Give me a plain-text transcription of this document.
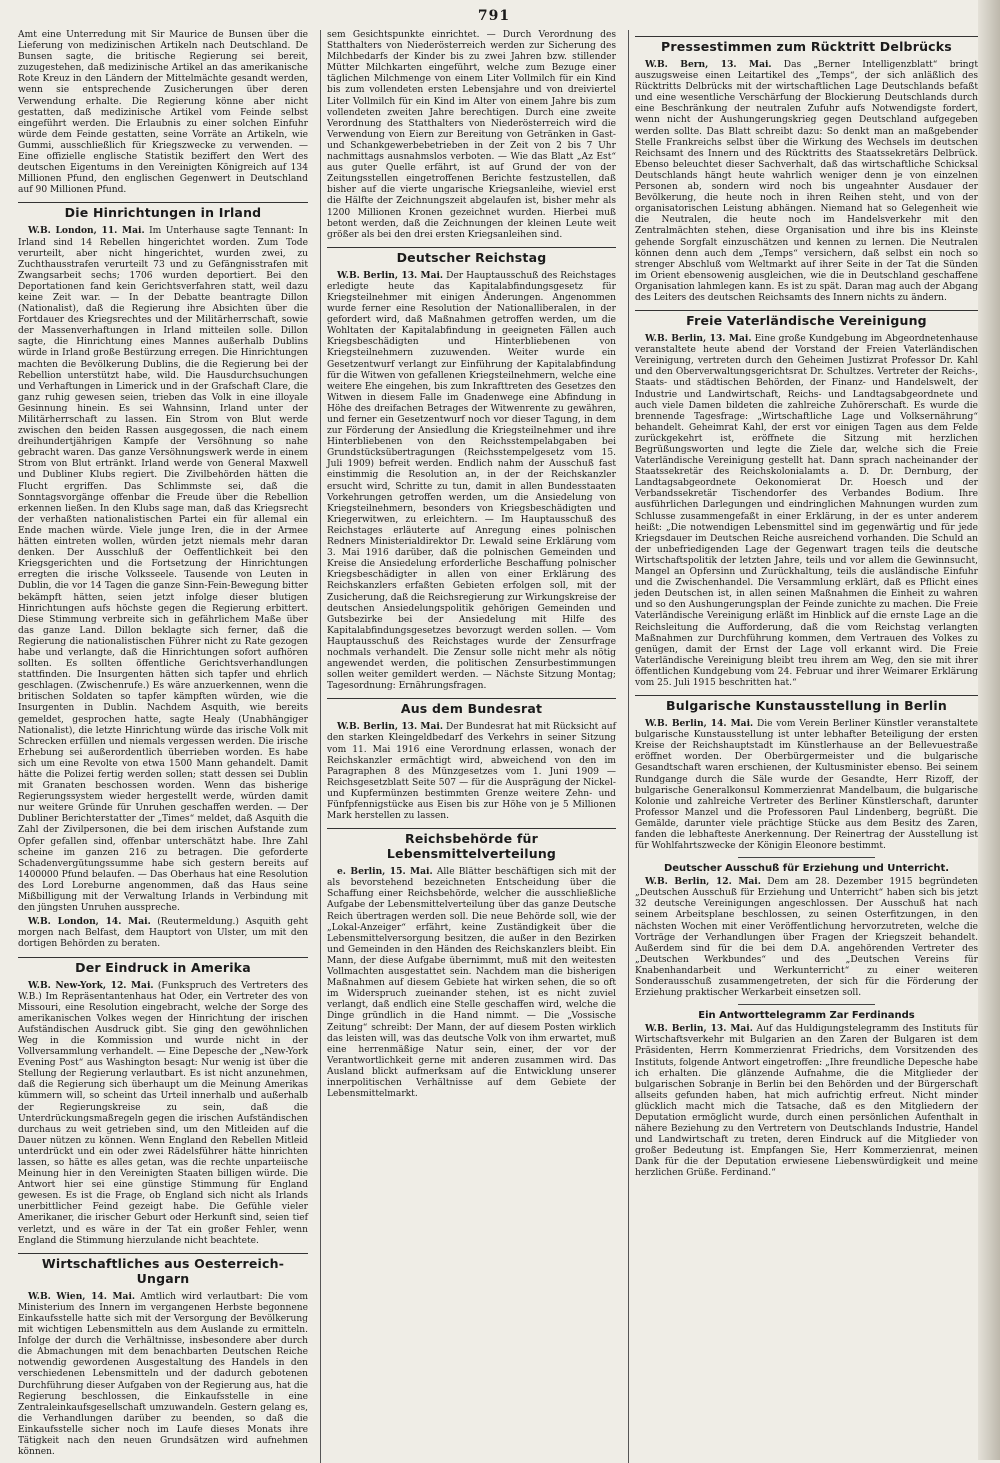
791

Amt eine Unterredung mit Sir Maurice de Bunsen über die Lieferung von medizinischen Artikeln nach Deutschland. De Bunsen sagte, die britische Regierung sei bereit, zuzugestehen, daß medizinische Artikel an das amerikanische Rote Kreuz in den Ländern der Mittelmächte gesandt werden, wenn sie entsprechende Zusicherungen über deren Verwendung erhalte. Die Regierung könne aber nicht gestatten, daß medizinische Artikel vom Feinde selbst eingeführt werden. Die Erlaubnis zu einer solchen Einfuhr würde dem Feinde gestatten, seine Vorräte an Artikeln, wie Gummi, ausschließlich für Kriegszwecke zu verwenden. — Eine offizielle englische Statistik beziffert den Wert des deutschen Eigentums in den Vereinigten Königreich auf 134 Millionen Pfund, den englischen Gegenwert in Deutschland auf 90 Millionen Pfund.

Die Hinrichtungen in Irland

W.B. London, 11. Mai. Im Unterhause sagte Tennant: In Irland sind 14 Rebellen hingerichtet worden. Zum Tode verurteilt, aber nicht hingerichtet, wurden zwei, zu Zuchthausstrafen verurteilt 73 und zu Gefängnisstrafen mit Zwangsarbeit sechs; 1706 wurden deportiert. Bei den Deportationen fand kein Gerichtsverfahren statt, weil dazu keine Zeit war. — In der Debatte beantragte Dillon (Nationalist), daß die Regierung ihre Absichten über die Fortdauer des Kriegsrechtes und der Militärherrschaft, sowie der Massenverhaftungen in Irland mitteilen solle. Dillon sagte, die Hinrichtung eines Mannes außerhalb Dublins würde in Irland große Bestürzung erregen. Die Hinrichtungen machten die Bevölkerung Dublins, die die Regierung bei der Rebellion unterstützt habe, wild. Die Hausdurchsuchungen und Verhaftungen in Limerick und in der Grafschaft Clare, die ganz ruhig gewesen seien, trieben das Volk in eine illoyale Gesinnung hinein. Es sei Wahnsinn, Irland unter der Militärherrschaft zu lassen. Ein Strom von Blut werde zwischen den beiden Rassen ausgegossen, die nach einem dreihundertjährigen Kampfe der Versöhnung so nahe gebracht waren. Das ganze Versöhnungswerk werde in einem Strom von Blut ertränkt. Irland werde von General Maxwell und Dubliner Klubs regiert. Die Zivilbehörden hätten die Flucht ergriffen. Das Schlimmste sei, daß die Sonntagsvorgänge offenbar die Freude über die Rebellion erkennen ließen. In den Klubs sage man, daß das Kriegsrecht der verhaßten nationalistischen Partei ein für allemal ein Ende machen würde. Viele junge Iren, die in der Armee hätten eintreten wollen, würden jetzt niemals mehr daran denken. Der Ausschluß der Oeffentlichkeit bei den Kriegsgerichten und die Fortsetzung der Hinrichtungen erregten die irische Volksseele. Tausende von Leuten in Dublin, die vor 14 Tagen die ganze Sinn-Fein-Bewegung bitter bekämpft hätten, seien jetzt infolge dieser blutigen Hinrichtungen aufs höchste gegen die Regierung erbittert. Diese Stimmung verbreite sich in gefährlichem Maße über das ganze Land. Dillon beklagte sich ferner, daß die Regierung die nationalistischen Führer nicht zu Rate gezogen habe und verlangte, daß die Hinrichtungen sofort aufhören sollten. Es sollten öffentliche Gerichtsverhandlungen stattfinden. Die Insurgenten hätten sich tapfer und ehrlich geschlagen. (Zwischenrufe.) Es wäre anzuerkennen, wenn die britischen Soldaten so tapfer kämpften würden, wie die Insurgenten in Dublin. Nachdem Asquith, wie bereits gemeldet, gesprochen hatte, sagte Healy (Unabhängiger Nationalist), die letzte Hinrichtung würde das irische Volk mit Schrecken erfüllen und niemals vergessen werden. Die irische Erhebung sei außerordentlich überrieben worden. Es habe sich um eine Revolte von etwa 1500 Mann gehandelt. Damit hätte die Polizei fertig werden sollen; statt dessen sei Dublin mit Granaten beschossen worden. Wenn das bisherige Regierungssystem wieder hergestellt werde, würden damit nur weitere Gründe für Unruhen geschaffen werden. — Der Dubliner Berichterstatter der „Times“ meldet, daß Asquith die Zahl der Zivilpersonen, die bei dem irischen Aufstande zum Opfer gefallen sind, offenbar unterschätzt habe. Ihre Zahl scheine im ganzen 216 zu betragen. Die geforderte Schadenvergütungssumme habe sich gestern bereits auf 1400000 Pfund belaufen. — Das Oberhaus hat eine Resolution des Lord Loreburne angenommen, daß das Haus seine Mißbilligung mit der Verwaltung Irlands in Verbindung mit den jüngsten Unruhen ausspreche.

W.B. London, 14. Mai. (Reutermeldung.) Asquith geht morgen nach Belfast, dem Hauptort von Ulster, um mit den dortigen Behörden zu beraten.

Der Eindruck in Amerika

W.B. New-York, 12. Mai. (Funkspruch des Vertreters des W.B.) Im Repräsentantenhaus hat Oder, ein Vertreter des von Missouri, eine Resolution eingebracht, welche der Sorge des amerikanischen Volkes wegen der Hinrichtung der irischen Aufständischen Ausdruck gibt. Sie ging den gewöhnlichen Weg in die Kommission und wurde nicht in der Vollversammlung verhandelt. — Eine Depesche der „New-York Evening Post“ aus Washington besagt: Nur wenig ist über die Stellung der Regierung verlautbart. Es ist nicht anzunehmen, daß die Regierung sich überhaupt um die Meinung Amerikas kümmern will, so scheint das Urteil innerhalb und außerhalb der Regierungskreise zu sein, daß die Unterdrückungsmaßregeln gegen die irischen Aufständischen durchaus zu weit getrieben sind, um den Mitleiden auf die Dauer nützen zu können. Wenn England den Rebellen Mitleid unterdrückt und ein oder zwei Rädelsführer hätte hinrichten lassen, so hätte es alles getan, was die rechte unparteiische Meinung hier in den Vereinigten Staaten billigen würde. Die Antwort hier sei eine günstige Stimmung für England gewesen. Es ist die Frage, ob England sich nicht als Irlands unerbittlicher Feind gezeigt habe. Die Gefühle vieler Amerikaner, die irischer Geburt oder Herkunft sind, seien tief verletzt, und es wäre in der Tat ein großer Fehler, wenn England die Stimmung hierzulande nicht beachtete.

Wirtschaftliches aus Oesterreich-Ungarn

W.B. Wien, 14. Mai. Amtlich wird verlautbart: Die vom Ministerium des Innern im vergangenen Herbste begonnene Einkaufsstelle hatte sich mit der Versorgung der Bevölkerung mit wichtigen Lebensmitteln aus dem Auslande zu ermitteln. Infolge der durch die Verhältnisse, insbesondere aber durch die Abmachungen mit dem benachbarten Deutschen Reiche notwendig gewordenen Ausgestaltung des Handels in den verschiedenen Lebensmitteln und der dadurch gebotenen Durchführung dieser Aufgaben von der Regierung aus, hat die Regierung beschlossen, die Einkaufsstelle in eine Zentraleinkaufsgesellschaft umzuwandeln. Gestern gelang es, die Verhandlungen darüber zu beenden, so daß die Einkaufsstelle sicher noch im Laufe dieses Monats ihre Tätigkeit nach den neuen Grundsätzen wird aufnehmen können.

sem Gesichtspunkte einrichtet. — Durch Verordnung des Statthalters von Niederösterreich werden zur Sicherung des Milchbedarfs der Kinder bis zu zwei Jahren bzw. stillender Mütter Milchkarten eingeführt, welche zum Bezuge einer täglichen Milchmenge von einem Liter Vollmilch für ein Kind bis zum vollendeten ersten Lebensjahre und von dreiviertel Liter Vollmilch für ein Kind im Alter von einem Jahre bis zum vollendeten zweiten Jahre berechtigen. Durch eine zweite Verordnung des Statthalters von Niederösterreich wird die Verwendung von Eiern zur Bereitung von Getränken in Gast- und Schankgewerbebetrieben in der Zeit von 2 bis 7 Uhr nachmittags ausnahmslos verboten. — Wie das Blatt „Az Est“ aus guter Quelle erfährt, ist auf Grund der von der Zeitungsstellen eingetroffenen Berichte festzustellen, daß bisher auf die vierte ungarische Kriegsanleihe, wieviel erst die Hälfte der Zeichnungszeit abgelaufen ist, bisher mehr als 1200 Millionen Kronen gezeichnet wurden. Hierbei muß betont werden, daß die Zeichnungen der kleinen Leute weit größer als bei den drei ersten Kriegsanleihen sind.

Deutscher Reichstag

W.B. Berlin, 13. Mai. Der Hauptausschuß des Reichstages erledigte heute das Kapitalabfindungsgesetz für Kriegsteilnehmer mit einigen Änderungen. Angenommen wurde ferner eine Resolution der Nationalliberalen, in der gefordert wird, daß Maßnahmen getroffen werden, um die Wohltaten der Kapitalabfindung in geeigneten Fällen auch Kriegsbeschädigten und Hinterbliebenen von Kriegsteilnehmern zuzuwenden. Weiter wurde ein Gesetzentwurf verlangt zur Einführung der Kapitalabfindung für die Witwen von gefallenen Kriegsteilnehmern, welche eine weitere Ehe eingehen, bis zum Inkrafttreten des Gesetzes den Witwen in diesem Falle im Gnadenwege eine Abfindung in Höhe des dreifachen Betrages der Witwenrente zu gewähren, und ferner ein Gesetzentwurf noch vor dieser Tagung, in dem zur Förderung der Ansiedlung die Kriegsteilnehmer und ihre Hinterbliebenen von den Reichsstempelabgaben bei Grundstücksübertragungen (Reichsstempelgesetz vom 15. Juli 1909) befreit werden. Endlich nahm der Ausschuß fast einstimmig die Resolution an, in der der Reichskanzler ersucht wird, Schritte zu tun, damit in allen Bundesstaaten Vorkehrungen getroffen werden, um die Ansiedelung von Kriegsteilnehmern, besonders von Kriegsbeschädigten und Kriegerwitwen, zu erleichtern. — Im Hauptausschuß des Reichstages erläuterte auf Anregung eines polnischen Redners Ministerialdirektor Dr. Lewald seine Erklärung vom 3. Mai 1916 darüber, daß die polnischen Gemeinden und Kreise die Ansiedelung erforderliche Beschaffung polnischer Kriegsbeschädigter in allen von einer Erklärung des Reichskanzlers erfaßten Gebieten erfolgen soll, mit der Zusicherung, daß die Reichsregierung zur Wirkungskreise der deutschen Ansiedelungspolitik gehörigen Gemeinden und Gutsbezirke bei der Ansiedelung mit Hilfe des Kapitalabfindungsgesetzes bevorzugt werden sollen. — Vom Hauptausschuß des Reichstages wurde der Zensurfrage nochmals verhandelt. Die Zensur solle nicht mehr als nötig angewendet werden, die politischen Zensurbestimmungen sollen weiter gemildert werden. — Nächste Sitzung Montag; Tagesordnung: Ernährungsfragen.

Aus dem Bundesrat

W.B. Berlin, 13. Mai. Der Bundesrat hat mit Rücksicht auf den starken Kleingeldbedarf des Verkehrs in seiner Sitzung vom 11. Mai 1916 eine Verordnung erlassen, wonach der Reichskanzler ermächtigt wird, abweichend von den im Paragraphen 8 des Münzgesetzes vom 1. Juni 1909 — Reichsgesetzblatt Seite 507 — für die Ausprägung der Nickel- und Kupfermünzen bestimmten Grenze weitere Zehn- und Fünfpfennigstücke aus Eisen bis zur Höhe von je 5 Millionen Mark herstellen zu lassen.

Reichsbehörde für Lebensmittelverteilung

e. Berlin, 15. Mai. Alle Blätter beschäftigen sich mit der als bevorstehend bezeichneten Entscheidung über die Schaffung einer Reichsbehörde, welcher die ausschließliche Aufgabe der Lebensmittelverteilung über das ganze Deutsche Reich übertragen werden soll. Die neue Behörde soll, wie der „Lokal-Anzeiger“ erfährt, keine Zuständigkeit über die Lebensmittelversorgung besitzen, die außer in den Bezirken und Gemeinden in den Händen des Reichskanzlers bleibt. Ein Mann, der diese Aufgabe übernimmt, muß mit den weitesten Vollmachten ausgestattet sein. Nachdem man die bisherigen Maßnahmen auf diesem Gebiete hat wirken sehen, die so oft im Widerspruch zueinander stehen, ist es nicht zuviel verlangt, daß endlich eine Stelle geschaffen wird, welche die Dinge gründlich in die Hand nimmt. — Die „Vossische Zeitung“ schreibt: Der Mann, der auf diesem Posten wirklich das leisten will, was das deutsche Volk von ihm erwartet, muß eine herrenmäßige Natur sein, einer, der vor der Verantwortlichkeit gerne mit anderen zusammen wird. Das Ausland blickt aufmerksam auf die Entwicklung unserer innerpolitischen Verhältnisse auf dem Gebiete der Lebensmittelmarkt.

Pressestimmen zum Rücktritt Delbrücks

W.B. Bern, 13. Mai. Das „Berner Intelligenzblatt“ bringt auszugsweise einen Leitartikel des „Temps“, der sich anläßlich des Rücktritts Delbrücks mit der wirtschaftlichen Lage Deutschlands befaßt und eine wesentliche Verschärfung der Blockierung Deutschlands durch eine Beschränkung der neutralen Zufuhr aufs Notwendigste fordert, wenn nicht der Aushungerungskrieg gegen Deutschland aufgegeben werden sollte. Das Blatt schreibt dazu: So denkt man an maßgebender Stelle Frankreichs selbst über die Wirkung des Wechsels im deutschen Reichsamt des Innern und des Rücktritts des Staatssekretärs Delbrück. Ebenso beleuchtet dieser Sachverhalt, daß das wirtschaftliche Schicksal Deutschlands hängt heute wahrlich weniger denn je von einzelnen Personen ab, sondern wird noch bis ungeahnter Ausdauer der Bevölkerung, die heute noch in ihren Reihen steht, und von der organisatorischen Leistung abhängen. Niemand hat so Gelegenheit wie die Neutralen, die heute noch im Handelsverkehr mit den Zentralmächten stehen, diese Organisation und ihre bis ins Kleinste gehende Sorgfalt einzuschätzen und kennen zu lernen. Die Neutralen können denn auch dem „Temps“ versichern, daß selbst ein noch so strenger Abschluß vom Weltmarkt auf ihrer Seite in der Tat die Sünden im Orient ebensowenig ausgleichen, wie die in Deutschland geschaffene Organisation lahmlegen kann. Es ist zu spät. Daran mag auch der Abgang des Leiters des deutschen Reichsamts des Innern nichts zu ändern.

Freie Vaterländische Vereinigung

W.B. Berlin, 13. Mai. Eine große Kundgebung im Abgeordnetenhause veranstaltete heute abend der Vorstand der Freien Vaterländischen Vereinigung, vertreten durch den Geheimen Justizrat Professor Dr. Kahl und den Oberverwaltungsgerichtsrat Dr. Schultzes. Vertreter der Reichs-, Staats- und städtischen Behörden, der Finanz- und Handelswelt, der Industrie und Landwirtschaft, Reichs- und Landtagsabgeordnete und auch viele Damen bildeten die zahlreiche Zuhörerschaft. Es wurde die brennende Tagesfrage: „Wirtschaftliche Lage und Volksernährung“ behandelt. Geheimrat Kahl, der erst vor einigen Tagen aus dem Felde zurückgekehrt ist, eröffnete die Sitzung mit herzlichen Begrüßungsworten und legte die Ziele dar, welche sich die Freie Vaterländische Vereinigung gestellt hat. Dann sprach nacheinander der Staatssekretär des Reichskolonialamts a. D. Dr. Dernburg, der Landtagsabgeordnete Oekonomierat Dr. Hoesch und der Verbandssekretär Tischendorfer des Verbandes Bodium. Ihre ausführlichen Darlegungen und eindringlichen Mahnungen wurden zum Schlusse zusammengefaßt in einer Erklärung, in der es unter anderem heißt: „Die notwendigen Lebensmittel sind im gegenwärtig und für jede Kriegsdauer im Deutschen Reiche ausreichend vorhanden. Die Schuld an der unbefriedigenden Lage der Gegenwart tragen teils die deutsche Wirtschaftspolitik der letzten Jahre, teils und vor allem die Gewinnsucht, Mangel an Opfersinn und Zurückhaltung, teils die ausländische Einfuhr und die Zwischenhandel. Die Versammlung erklärt, daß es Pflicht eines jeden Deutschen ist, in allen seinen Maßnahmen die Einheit zu wahren und so den Aushungerungsplan der Feinde zunichte zu machen. Die Freie Vaterländische Vereinigung erläßt im Hinblick auf die ernste Lage an die Reichsleitung die Aufforderung, daß die vom Reichstag verlangten Maßnahmen zur Durchführung kommen, dem Vertrauen des Volkes zu genügen, damit der Ernst der Lage voll erkannt wird. Die Freie Vaterländische Vereinigung bleibt treu ihrem am Weg, den sie mit ihrer öffentlichen Kundgebung vom 24. Februar und ihrer Weimarer Erklärung vom 25. Juli 1915 beschritten hat.“

Bulgarische Kunstausstellung in Berlin

W.B. Berlin, 14. Mai. Die vom Verein Berliner Künstler veranstaltete bulgarische Kunstausstellung ist unter lebhafter Beteiligung der ersten Kreise der Reichshauptstadt im Künstlerhause an der Bellevuestraße eröffnet worden. Der Oberbürgermeister und die bulgarische Gesandtschaft waren erschienen, der Kultusminister ebenso. Bei seinem Rundgange durch die Säle wurde der Gesandte, Herr Rizoff, der bulgarische Generalkonsul Kommerzienrat Mandelbaum, die bulgarische Kolonie und zahlreiche Vertreter des Berliner Künstlerschaft, darunter Professor Manzel und die Professoren Paul Lindenberg, begrüßt. Die Gemälde, darunter viele prächtige Stücke aus dem Besitz des Zaren, fanden die lebhafteste Anerkennung. Der Reinertrag der Ausstellung ist für Wohlfahrtszwecke der Königin Eleonore bestimmt.

Deutscher Ausschuß für Erziehung und Unterricht.

W.B. Berlin, 12. Mai. Dem am 28. Dezember 1915 begründeten „Deutschen Ausschuß für Erziehung und Unterricht“ haben sich bis jetzt 32 deutsche Vereinigungen angeschlossen. Der Ausschuß hat nach seinem Arbeitsplane beschlossen, zu seinen Osterfitzungen, in den nächsten Wochen mit einer Veröffentlichung hervorzutreten, welche die Vorträge der Verhandlungen über Fragen der Kriegszeit behandelt. Außerdem sind für die bei dem D.A. angehörenden Vertreter des „Deutschen Werkbundes“ und des „Deutschen Vereins für Knabenhandarbeit und Werkunterricht“ zu einer weiteren Sonderausschuß zusammengetreten, der sich für die Förderung der Erziehung praktischer Werkarbeit einsetzen soll.

Ein Antworttelegramm Zar Ferdinands

W.B. Berlin, 13. Mai. Auf das Huldigungstelegramm des Instituts für Wirtschaftsverkehr mit Bulgarien an den Zaren der Bulgaren ist dem Präsidenten, Herrn Kommerzienrat Friedrichs, dem Vorsitzenden des Instituts, folgende Antwort eingetroffen: „Ihre freundliche Depesche habe ich erhalten. Die glänzende Aufnahme, die die Mitglieder der bulgarischen Sobranje in Berlin bei den Behörden und der Bürgerschaft allseits gefunden haben, hat mich aufrichtig erfreut. Nicht minder glücklich macht mich die Tatsache, daß es den Mitgliedern der Deputation ermöglicht wurde, durch einen persönlichen Aufenthalt in nähere Beziehung zu den Vertretern von Deutschlands Industrie, Handel und Landwirtschaft zu treten, deren Eindruck auf die Mitglieder von großer Bedeutung ist. Empfangen Sie, Herr Kommerzienrat, meinen Dank für die der Deputation erwiesene Liebenswürdigkeit und meine herzlichen Grüße. Ferdinand.“
